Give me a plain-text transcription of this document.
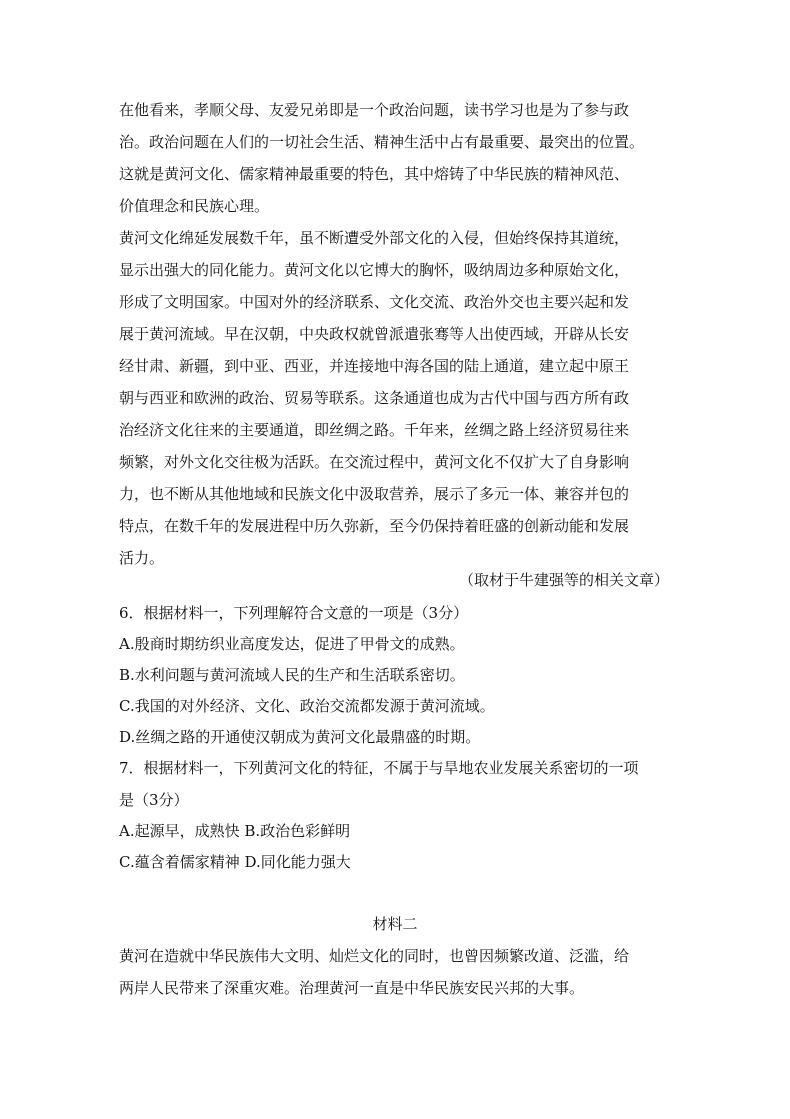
在他看来，孝顺父母、友爱兄弟即是一个政治问题，读书学习也是为了参与政
治。政治问题在人们的一切社会生活、精神生活中占有最重要、最突出的位置。
这就是黄河文化、儒家精神最重要的特色，其中熔铸了中华民族的精神风范、
价值理念和民族心理。
黄河文化绵延发展数千年，虽不断遭受外部文化的入侵，但始终保持其道统，
显示出强大的同化能力。黄河文化以它博大的胸怀，吸纳周边多种原始文化，
形成了文明国家。中国对外的经济联系、文化交流、政治外交也主要兴起和发
展于黄河流域。早在汉朝，中央政权就曾派遣张骞等人出使西域，开辟从长安
经甘肃、新疆，到中亚、西亚，并连接地中海各国的陆上通道，建立起中原王
朝与西亚和欧洲的政治、贸易等联系。这条通道也成为古代中国与西方所有政
治经济文化往来的主要通道，即丝绸之路。千年来，丝绸之路上经济贸易往来
频繁，对外文化交往极为活跃。在交流过程中，黄河文化不仅扩大了自身影响
力，也不断从其他地域和民族文化中汲取营养，展示了多元一体、兼容并包的
特点，在数千年的发展进程中历久弥新，至今仍保持着旺盛的创新动能和发展
活力。
（取材于牛建强等的相关文章）
6．根据材料一，下列理解符合文意的一项是（3分）
A.殷商时期纺织业高度发达，促进了甲骨文的成熟。
B.水利问题与黄河流域人民的生产和生活联系密切。
C.我国的对外经济、文化、政治交流都发源于黄河流域。
D.丝绸之路的开通使汉朝成为黄河文化最鼎盛的时期。
7．根据材料一，下列黄河文化的特征，不属于与旱地农业发展关系密切的一项
是（3分）
A.起源早，成熟快 B.政治色彩鲜明
C.蕴含着儒家精神 D.同化能力强大
材料二
黄河在造就中华民族伟大文明、灿烂文化的同时，也曾因频繁改道、泛滥，给
两岸人民带来了深重灾难。治理黄河一直是中华民族安民兴邦的大事。
